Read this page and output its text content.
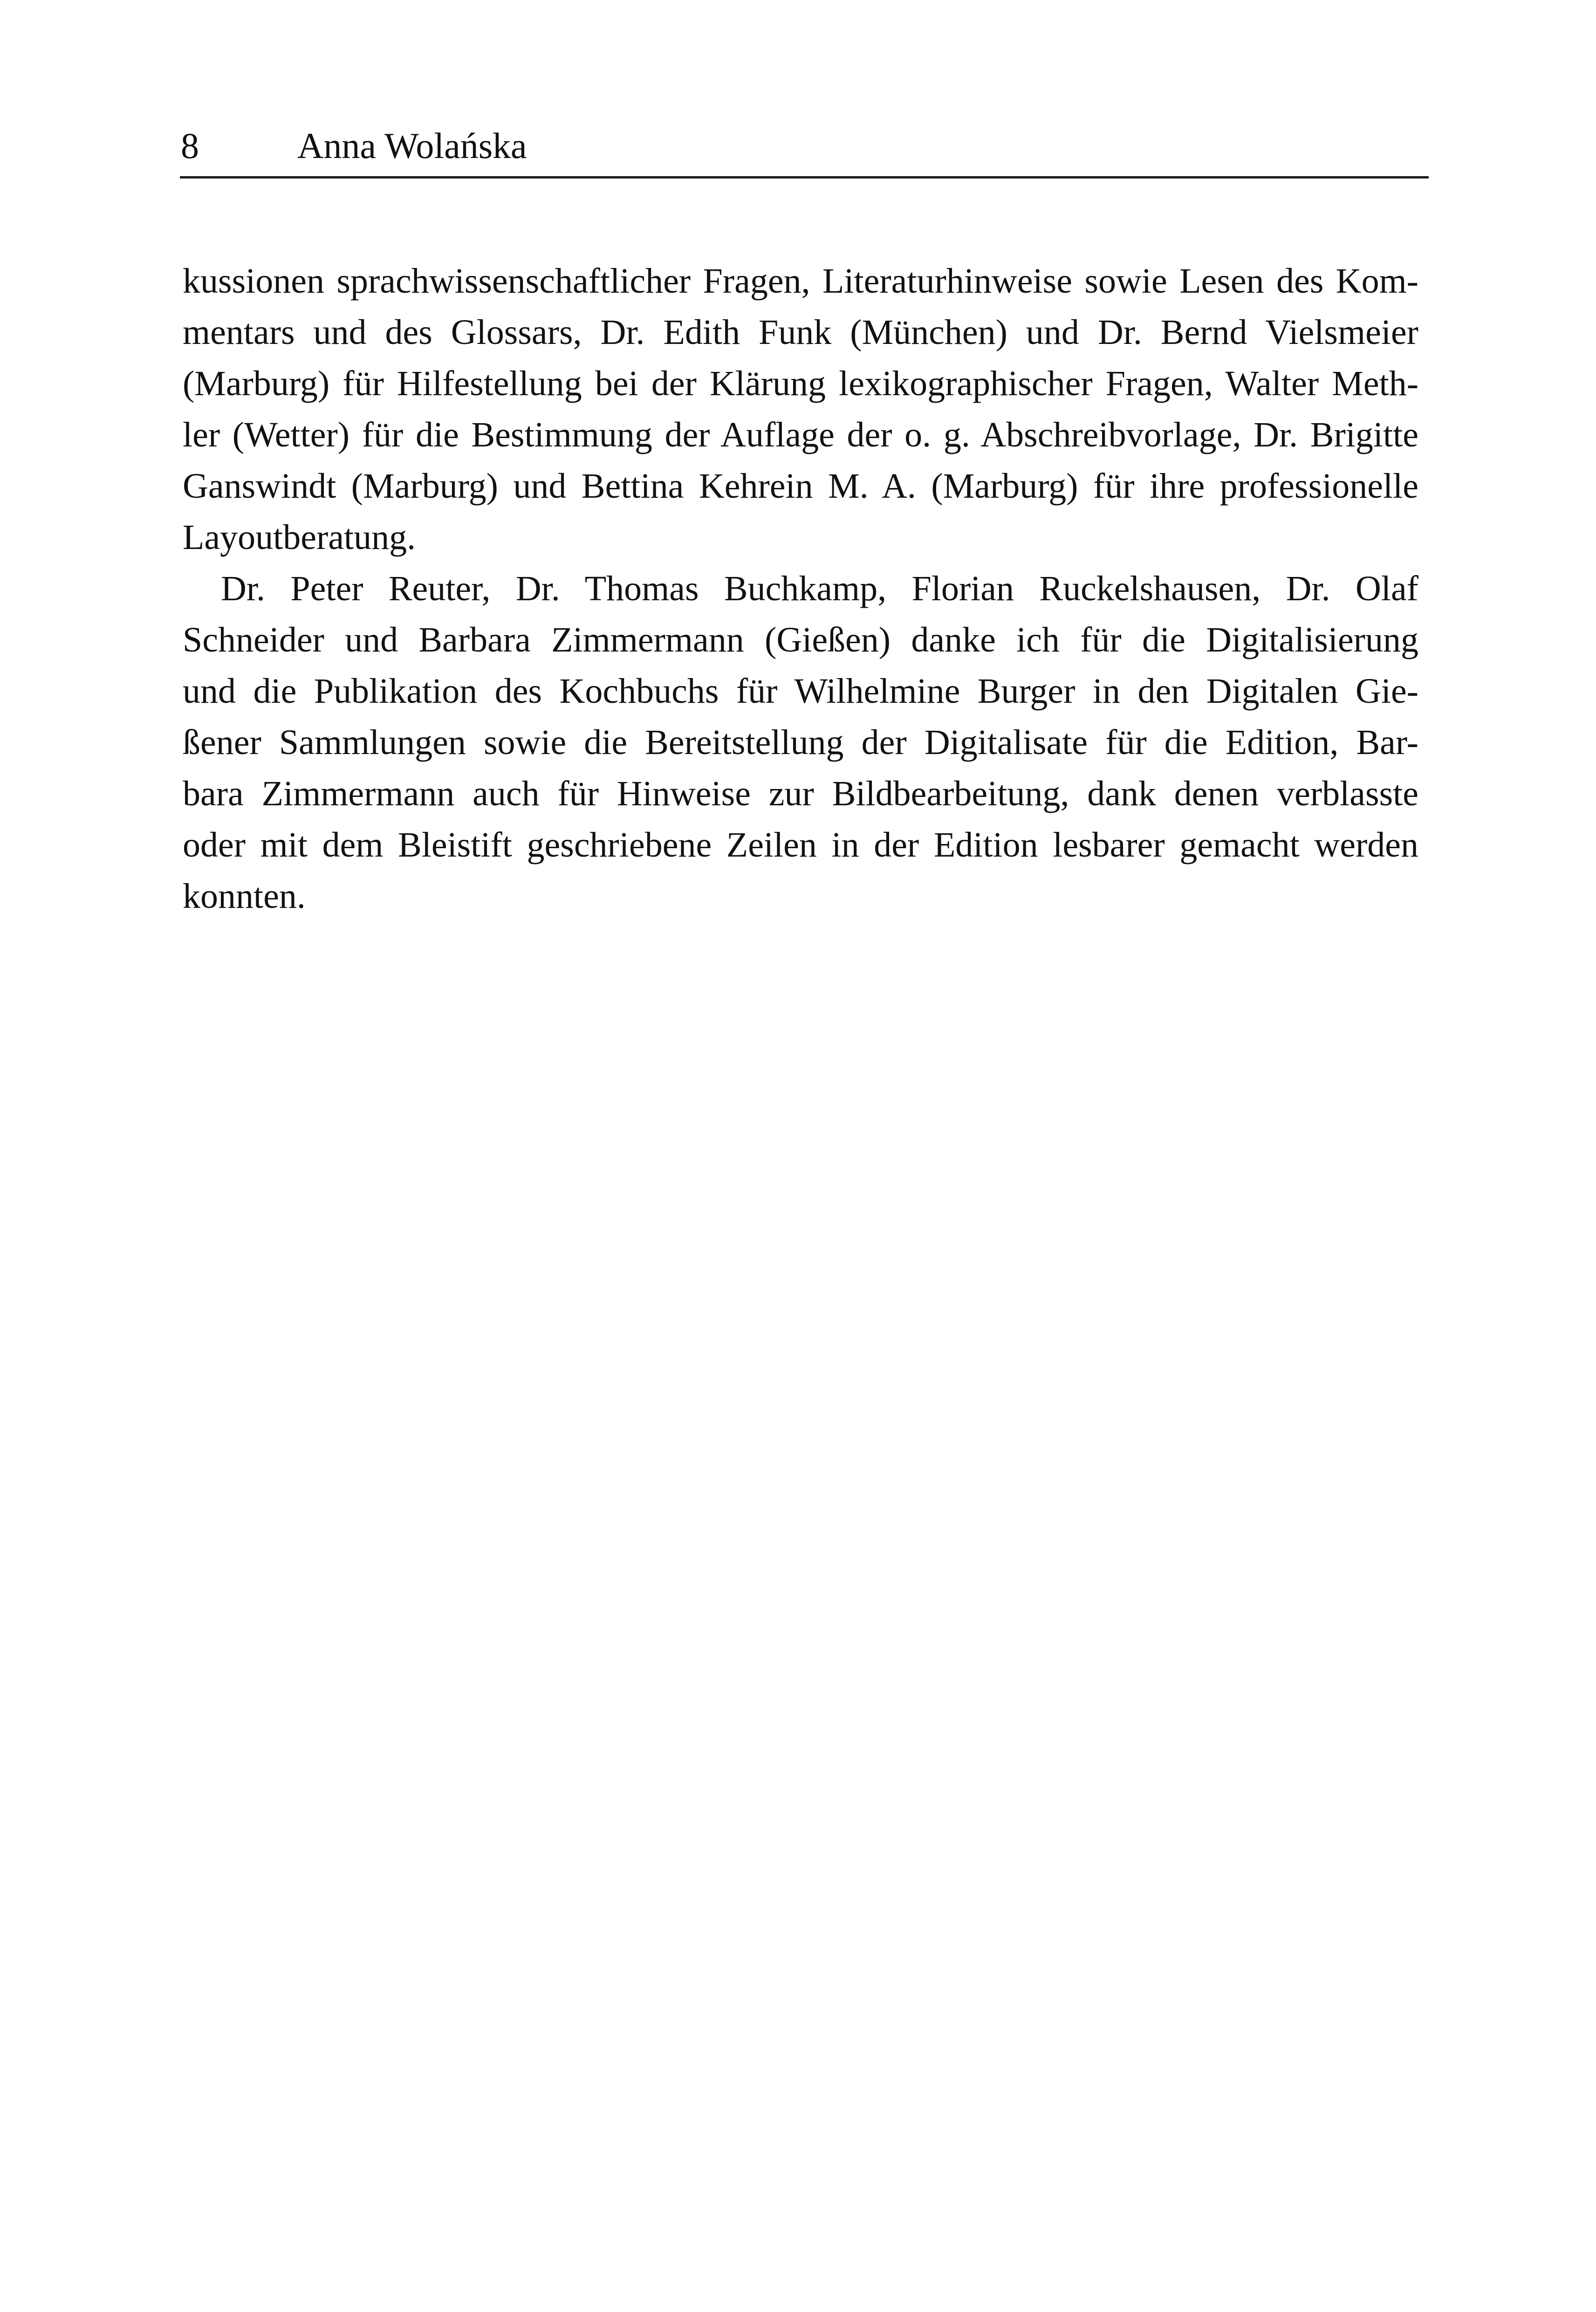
8	Anna Wolańska
kussionen sprachwissenschaftlicher Fragen, Literaturhinweise sowie Lesen des Kom-
mentars und des Glossars, Dr. Edith Funk (München) und Dr. Bernd Vielsmeier
(Marburg) für Hilfestellung bei der Klärung lexikographischer Fragen, Walter Meth-
ler (Wetter) für die Bestimmung der Auflage der o. g. Abschreibvorlage, Dr. Brigitte
Ganswindt (Marburg) und Bettina Kehrein M. A. (Marburg) für ihre professionelle
Layoutberatung.
Dr. Peter Reuter, Dr. Thomas Buchkamp, Florian Ruckelshausen, Dr. Olaf
Schneider und Barbara Zimmermann (Gießen) danke ich für die Digitalisierung
und die Publikation des Kochbuchs für Wilhelmine Burger in den Digitalen Gie-
ßener Sammlungen sowie die Bereitstellung der Digitalisate für die Edition, Bar-
bara Zimmermann auch für Hinweise zur Bildbearbeitung, dank denen verblasste
oder mit dem Bleistift geschriebene Zeilen in der Edition lesbarer gemacht werden
konnten.
